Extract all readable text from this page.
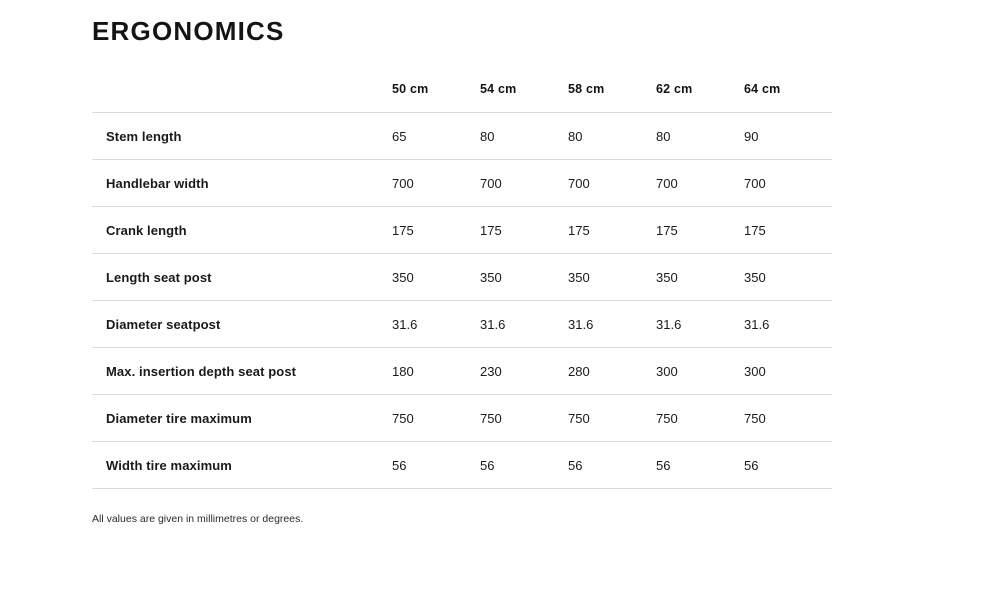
ERGONOMICS
	50 cm	54 cm	58 cm	62 cm	64 cm
Stem length	65	80	80	80	90
Handlebar width	700	700	700	700	700
Crank length	175	175	175	175	175
Length seat post	350	350	350	350	350
Diameter seatpost	31.6	31.6	31.6	31.6	31.6
Max. insertion depth seat post	180	230	280	300	300
Diameter tire maximum	750	750	750	750	750
Width tire maximum	56	56	56	56	56
All values are given in millimetres or degrees.
